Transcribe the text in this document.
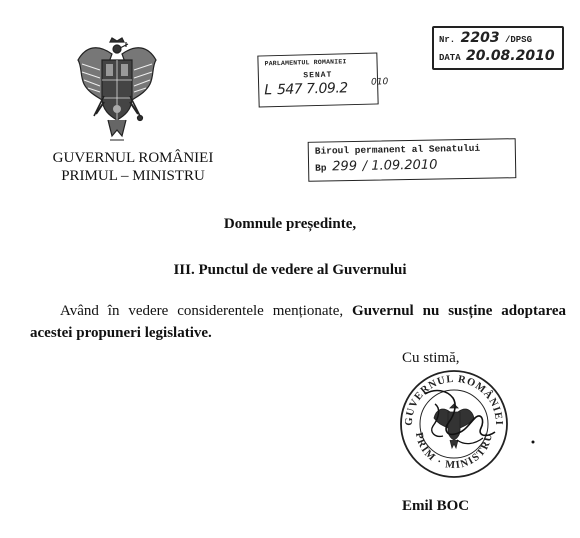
GUVERNUL ROMÂNIEI
PRIMUL – MINISTRU
PARLAMENTUL ROMANIEI
SENAT
L 547 7.09.2	010
Nr. 2203 /DPSG
DATA 20.08.2010
Biroul permanent al Senatului
Bp 299 / 1.09.2010
Domnule președinte,
III. Punctul de vedere al Guvernului
Având în vedere considerentele menționate, Guvernul nu susține adoptarea acestei propuneri legislative.
Cu stimă,
GUVERNUL ROMÂNIEI
PRIM · MINISTRU
Emil BOC
